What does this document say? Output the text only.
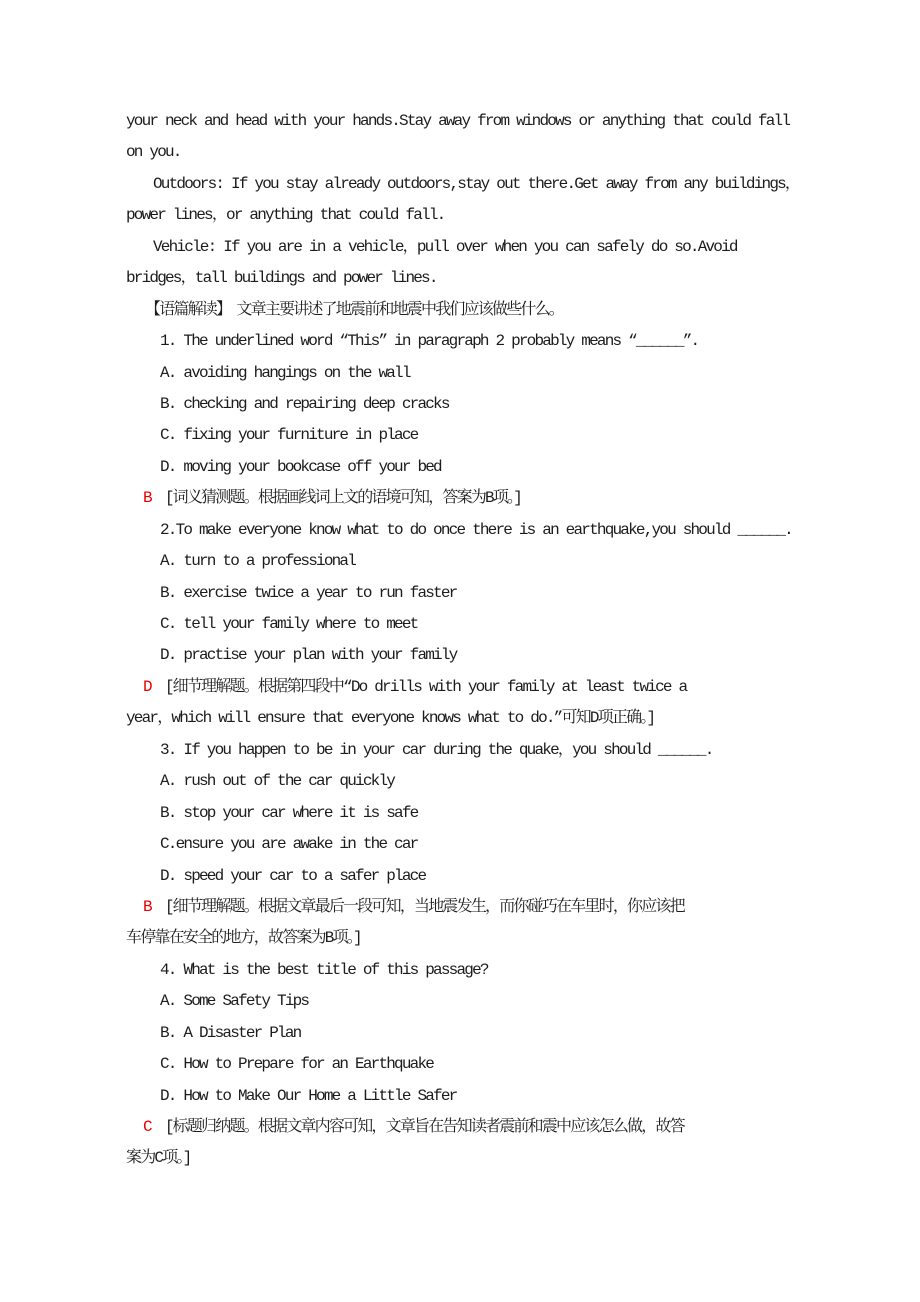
your neck and head with your hands.Stay away from windows or anything that could fall
on you.
Outdoors: If you stay already outdoors,stay out there.Get away from any buildings，
power lines，or anything that could fall.
Vehicle: If you are in a vehicle，pull over when you can safely do so.Avoid
bridges，tall buildings and power lines.
【语篇解读】　文章主要讲述了地震前和地震中我们应该做些什么。
1. The underlined word “This” in paragraph 2 probably means “______”.
A. avoiding hangings on the wall
B. checking and repairing deep cracks
C. fixing your furniture in place
D. moving your bookcase off your bed
B [词义猜测题。根据画线词上文的语境可知，答案为B项。]
2.To make everyone know what to do once there is an earthquake,you should ______.
A. turn to a professional
B. exercise twice a year to run faster
C. tell your family where to meet
D. practise your plan with your family
D [细节理解题。根据第四段中“Do drills with your family at least twice a
year，which will ensure that everyone knows what to do.”可知D项正确。]
3. If you happen to be in your car during the quake，you should ______.
A. rush out of the car quickly
B. stop your car where it is safe
C.ensure you are awake in the car
D. speed your car to a safer place
B [细节理解题。根据文章最后一段可知，当地震发生，而你碰巧在车里时，你应该把
车停靠在安全的地方，故答案为B项。]
4. What is the best title of this passage?
A. Some Safety Tips
B. A Disaster Plan
C. How to Prepare for an Earthquake
D. How to Make Our Home a Little Safer
C [标题归纳题。根据文章内容可知，文章旨在告知读者震前和震中应该怎么做，故答
案为C项。]
